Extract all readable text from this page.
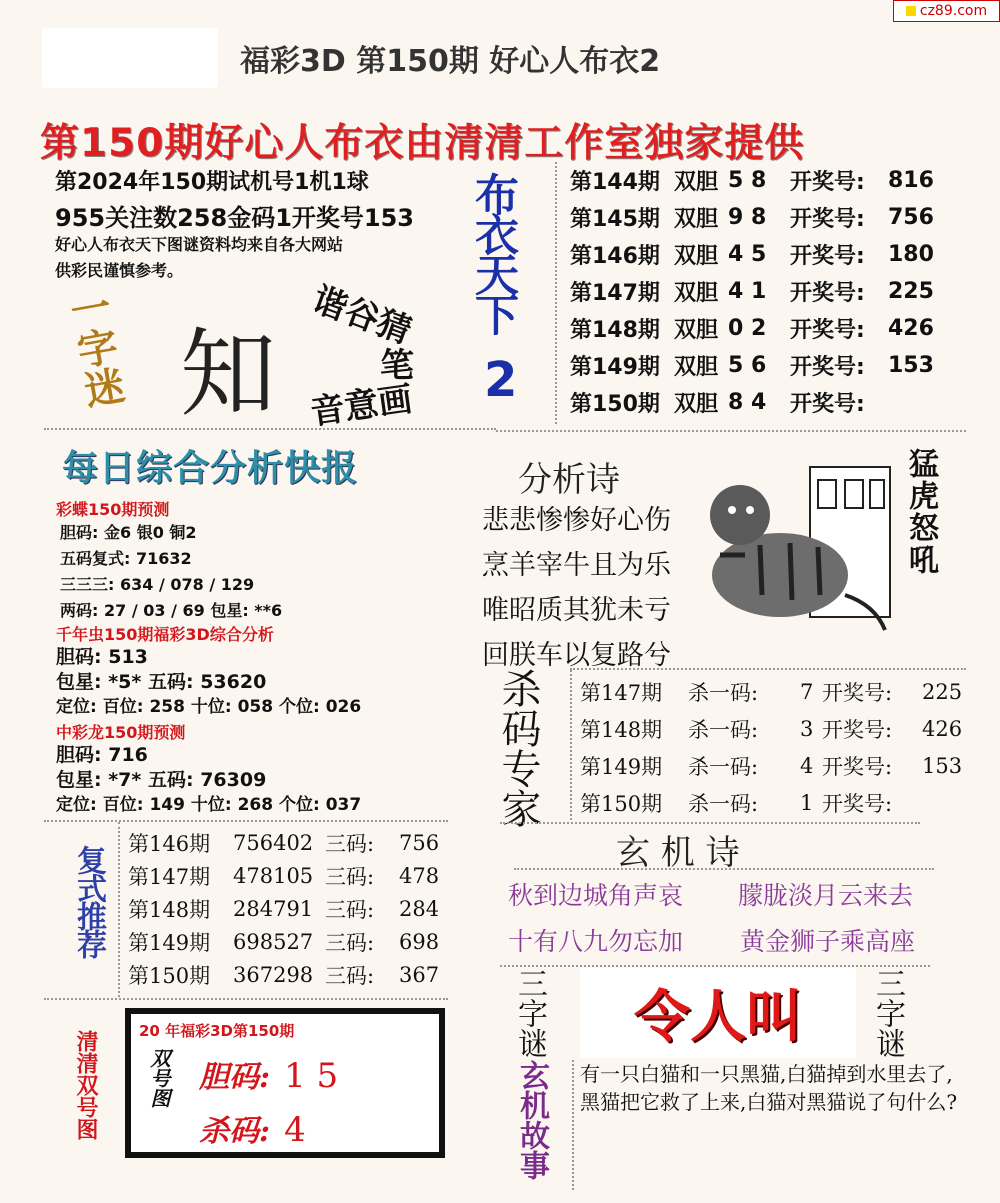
cz89.com
福彩3D 第150期 好心人布衣2
第150期好心人布衣由清清工作室独家提供
第2024年150期试机号1机1球
955关注数258金码1开奖号153
好心人布衣天下图谜资料均来自各大网站
供彩民谨慎参考。
一字迷 知
谐谷猜
笔
音意画
布衣天下
2
第144期 双胆 5 8	开奖号:	816
第145期 双胆 9 8	开奖号:	756
第146期 双胆 4 5	开奖号:	180
第147期 双胆 4 1	开奖号:	225
第148期 双胆 0 2	开奖号:	426
第149期 双胆 5 6	开奖号:	153
第150期 双胆 8 4	开奖号:
每日综合分析快报
彩蝶150期预测
胆码: 金6 银0 铜2
五码复式: 71632
三三三: 634 / 078 / 129
两码: 27 / 03 / 69 包星: **6
千年虫150期福彩3D综合分析
胆码: 513
包星: *5* 五码: 53620
定位: 百位: 258 十位: 058 个位: 026
中彩龙150期预测
胆码: 716
包星: *7* 五码: 76309
定位: 百位: 149 十位: 268 个位: 037
分析诗
悲悲惨惨好心伤
烹羊宰牛且为乐
唯昭质其犹未亏
回朕车以复路兮
猛虎怒吼
杀码专家 第147期	杀一码:	7 开奖号:	225
第148期	杀一码:	3 开奖号:	426
第149期	杀一码:	4 开奖号:	153
第150期	杀一码:	1 开奖号:
复式推荐
第146期	756402 三码:	756
第147期	478105 三码:	478
第148期	284791 三码:	284
第149期	698527 三码:	698
第150期	367298 三码:	367
玄 机 诗
秋到边城角声哀 朦胧淡月云来去
十有八九勿忘加 黄金狮子乘高座
清清双号图	20 年福彩3D第150期
双号图 胆码: 1 5
杀码: 4
三字谜	三字谜
令人叫
玄机故事 有一只白猫和一只黑猫,白猫掉到水里去了,黑猫把它救了上来,白猫对黑猫说了句什么?
